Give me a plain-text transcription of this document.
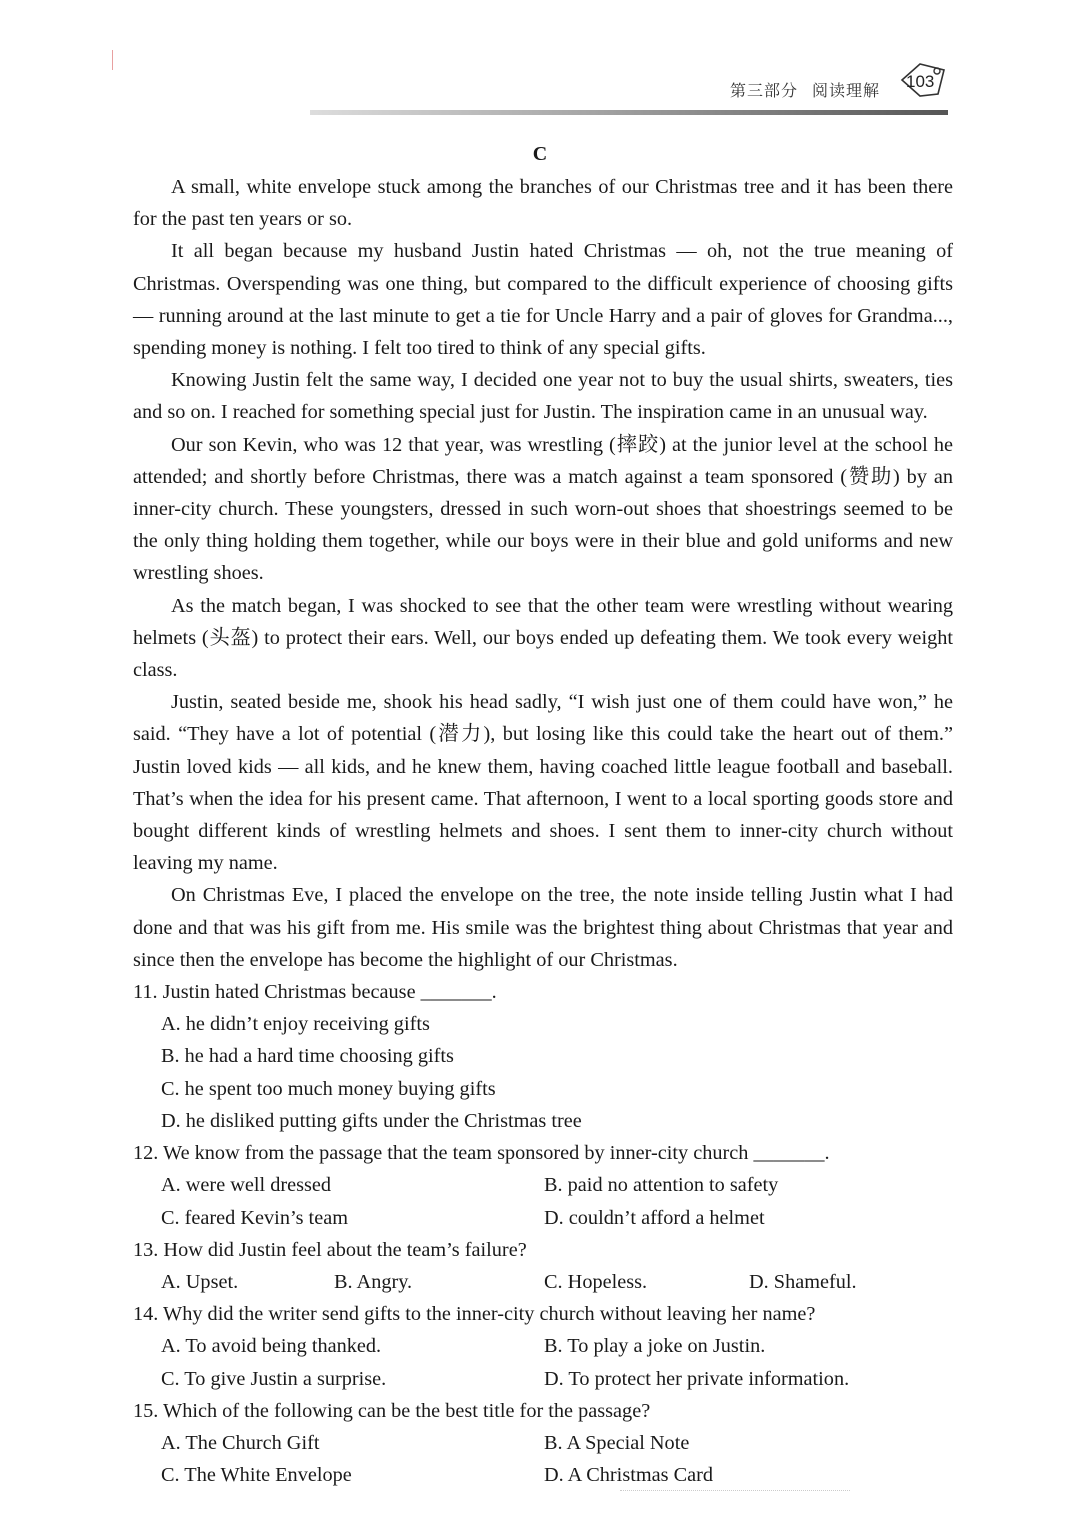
第三部分 阅读理解	103
C

A small, white envelope stuck among the branches of our Christmas tree and it has been there for the past ten years or so.

It all began because my husband Justin hated Christmas — oh, not the true meaning of Christmas. Overspending was one thing, but compared to the difficult experience of choosing gifts — running around at the last minute to get a tie for Uncle Harry and a pair of gloves for Grandma..., spending money is nothing. I felt too tired to think of any special gifts.

Knowing Justin felt the same way, I decided one year not to buy the usual shirts, sweaters, ties and so on. I reached for something special just for Justin. The inspiration came in an unusual way.

Our son Kevin, who was 12 that year, was wrestling (摔跤) at the junior level at the school he attended; and shortly before Christmas, there was a match against a team sponsored (赞助) by an inner-city church. These youngsters, dressed in such worn-out shoes that shoestrings seemed to be the only thing holding them together, while our boys were in their blue and gold uniforms and new wrestling shoes.

As the match began, I was shocked to see that the other team were wrestling without wearing helmets (头盔) to protect their ears. Well, our boys ended up defeating them. We took every weight class.

Justin, seated beside me, shook his head sadly, “I wish just one of them could have won,” he said. “They have a lot of potential (潜力), but losing like this could take the heart out of them.” Justin loved kids — all kids, and he knew them, having coached little league football and baseball. That’s when the idea for his present came. That afternoon, I went to a local sporting goods store and bought different kinds of wrestling helmets and shoes. I sent them to inner-city church without leaving my name.

On Christmas Eve, I placed the envelope on the tree, the note inside telling Justin what I had done and that was his gift from me. His smile was the brightest thing about Christmas that year and since then the envelope has become the highlight of our Christmas.

11. Justin hated Christmas because _______.

A. he didn’t enjoy receiving gifts
B. he had a hard time choosing gifts
C. he spent too much money buying gifts
D. he disliked putting gifts under the Christmas tree

12. We know from the passage that the team sponsored by inner-city church _______.

A. were well dressed	B. paid no attention to safety
C. feared Kevin’s team	D. couldn’t afford a helmet

13. How did Justin feel about the team’s failure?

A. Upset.	B. Angry.	C. Hopeless.	D. Shameful.

14. Why did the writer send gifts to the inner-city church without leaving her name?

A. To avoid being thanked.	B. To play a joke on Justin.
C. To give Justin a surprise.	D. To protect her private information.

15. Which of the following can be the best title for the passage?

A. The Church Gift	B. A Special Note
C. The White Envelope	D. A Christmas Card
